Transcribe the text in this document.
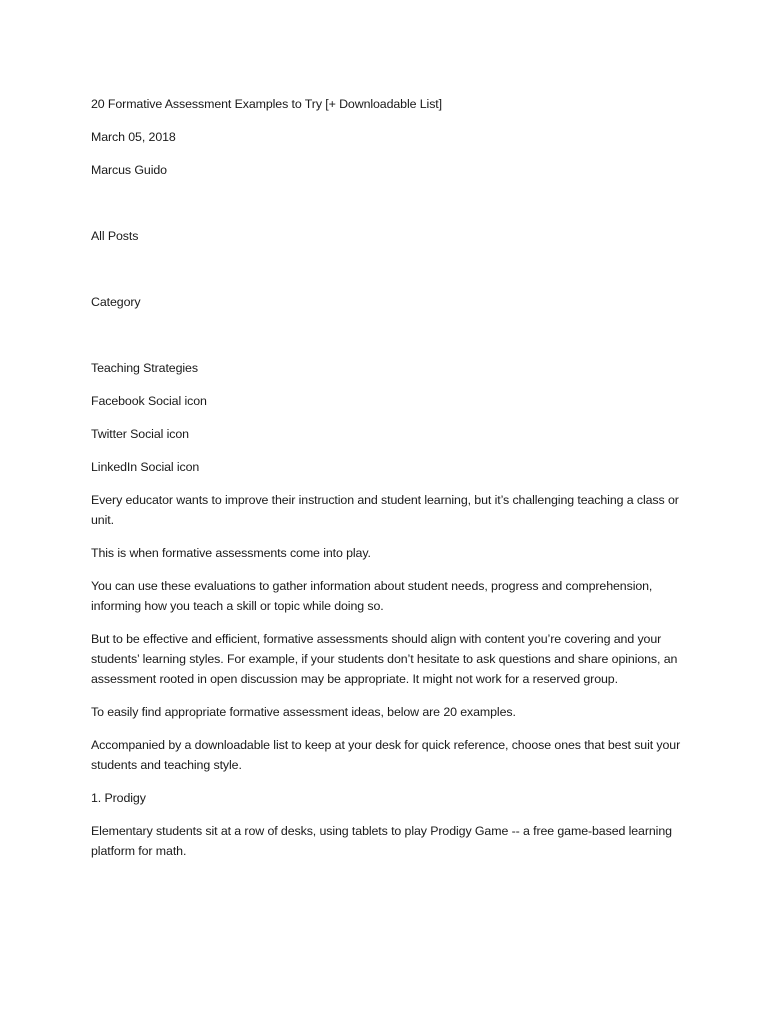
20 Formative Assessment Examples to Try [+ Downloadable List]

March 05, 2018

Marcus Guido

All Posts

Category

Teaching Strategies

Facebook Social icon

Twitter Social icon

LinkedIn Social icon

Every educator wants to improve their instruction and student learning, but it’s challenging teaching a class or unit.

This is when formative assessments come into play.

You can use these evaluations to gather information about student needs, progress and comprehension, informing how you teach a skill or topic while doing so.

But to be effective and efficient, formative assessments should align with content you’re covering and your students’ learning styles. For example, if your students don’t hesitate to ask questions and share opinions, an assessment rooted in open discussion may be appropriate. It might not work for a reserved group.

To easily find appropriate formative assessment ideas, below are 20 examples.

Accompanied by a downloadable list to keep at your desk for quick reference, choose ones that best suit your students and teaching style.

1. Prodigy

Elementary students sit at a row of desks, using tablets to play Prodigy Game -- a free game-based learning platform for math.
